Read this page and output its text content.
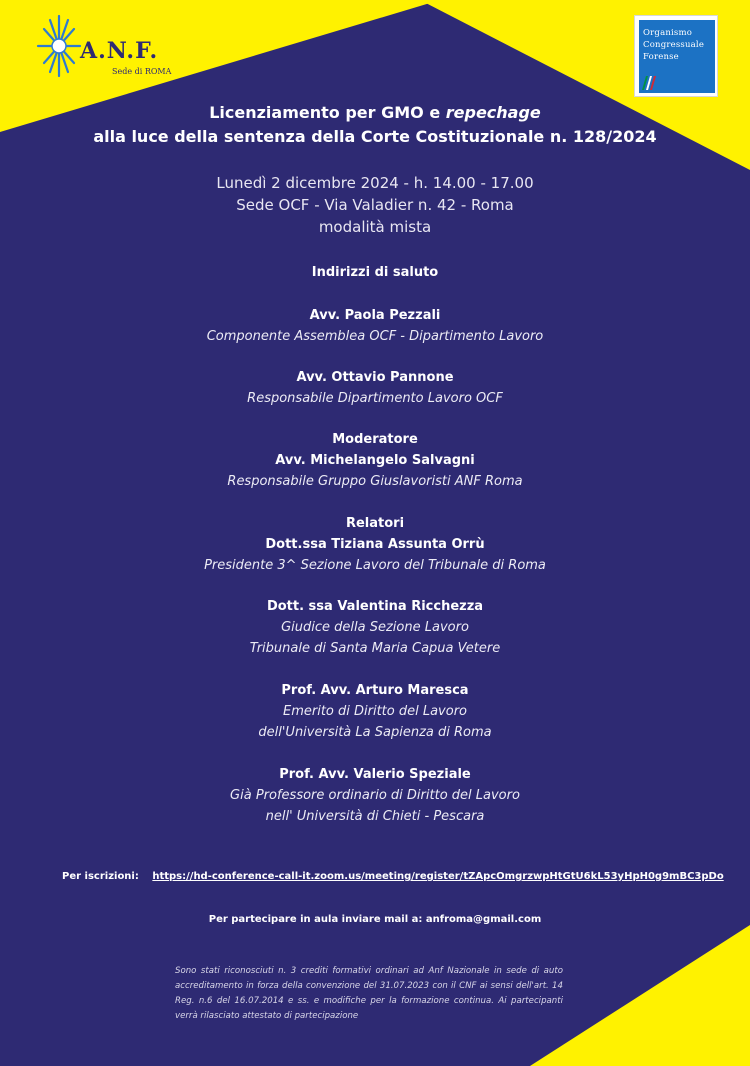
A.N.F.
Sede di ROMA
Organismo
Congressuale
Forense
Licenziamento per GMO e repechage
alla luce della sentenza della Corte Costituzionale n. 128/2024
Lunedì 2 dicembre 2024 - h. 14.00 - 17.00
Sede OCF - Via Valadier n. 42 - Roma
modalità mista
Indirizzi di saluto
Avv. Paola Pezzali
Componente Assemblea OCF - Dipartimento Lavoro
Avv. Ottavio Pannone
Responsabile Dipartimento Lavoro OCF
Moderatore
Avv. Michelangelo Salvagni
Responsabile Gruppo Giuslavoristi ANF Roma
Relatori
Dott.ssa Tiziana Assunta Orrù
Presidente 3^ Sezione Lavoro del Tribunale di Roma
Dott. ssa Valentina Ricchezza
Giudice della Sezione Lavoro
Tribunale di Santa Maria Capua Vetere
Prof. Avv. Arturo Maresca
Emerito di Diritto del Lavoro
dell'Università La Sapienza di Roma
Prof. Avv. Valerio Speziale
Già Professore ordinario di Diritto del Lavoro
nell' Università di Chieti - Pescara
Per iscrizioni: https://hd-conference-call-it.zoom.us/meeting/register/tZApcOmgrzwpHtGtU6kL53yHpH0g9mBC3pDo
Per partecipare in aula inviare mail a: anfroma@gmail.com
Sono stati riconosciuti n. 3 crediti formativi ordinari ad Anf Nazionale in sede di auto accreditamento in forza della convenzione del 31.07.2023 con il CNF ai sensi dell'art. 14 Reg. n.6 del 16.07.2014 e ss. e modifiche per la formazione continua. Ai partecipanti verrà rilasciato attestato di partecipazione
